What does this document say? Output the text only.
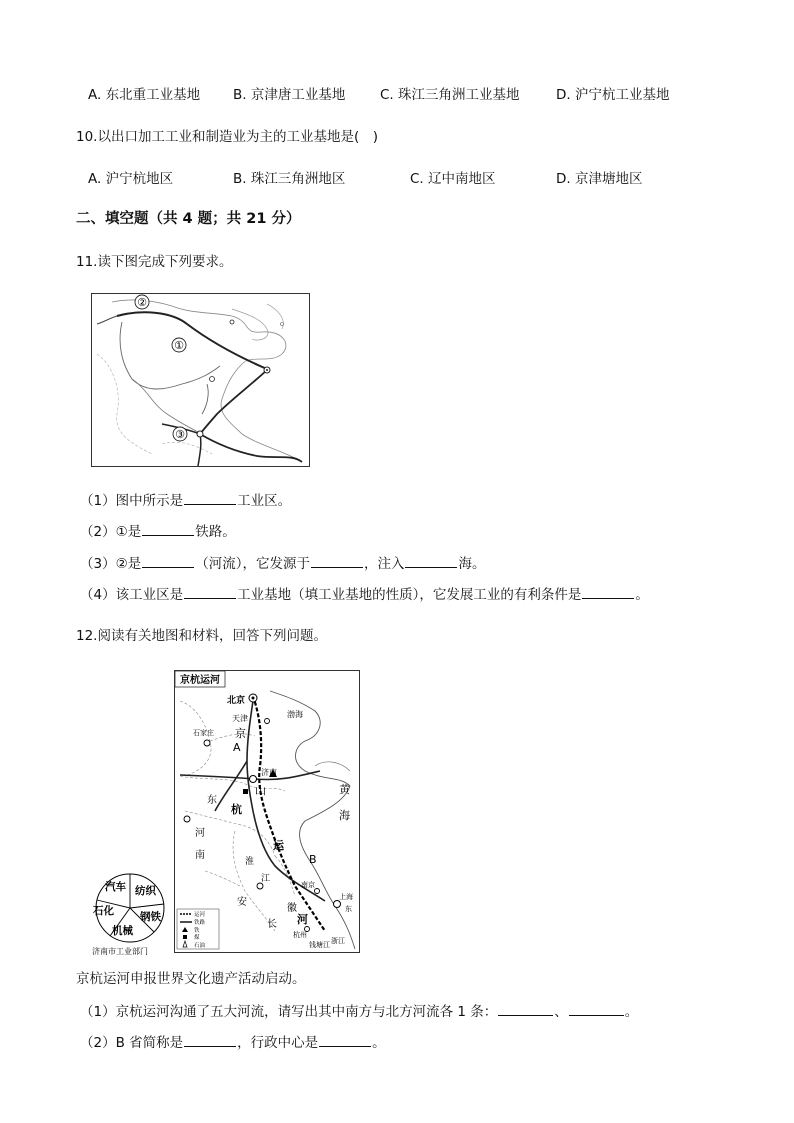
A. 东北重工业基地 B. 京津唐工业基地	C. 珠江三角洲工业基地	D. 沪宁杭工业基地
10.以出口加工工业和制造业为主的工业基地是(　)
A. 沪宁杭地区	B. 珠江三角洲地区	C. 辽中南地区	D. 京津塘地区
二、填空题（共 4 题；共 21 分）
11.读下图完成下列要求。
②
①
③
（1）图中所示是	工业区。
（2）①是	铁路。
（3）②是	（河流），它发源于	，注入	海。
（4）该工业区是	工业基地（填工业基地的性质），它发展工业的有利条件是	。
12.阅读有关地图和材料，回答下列问题。
京杭运河
北京
天津
京
石家庄
A
济南
山
东
杭
运
B
河
南
淮
江
安
徽
长 河
南京
上海
杭州
钱塘江 浙江
黄
海
渤海
东
运河
铁路
铁
煤
石油
汽车 纺织
钢铁
机械
石化
济南市工业部门
京杭运河申报世界文化遗产活动启动。
（1）京杭运河沟通了五大河流，请写出其中南方与北方河流各 1 条：	、	。
（2）B 省简称是	，行政中心是	。
